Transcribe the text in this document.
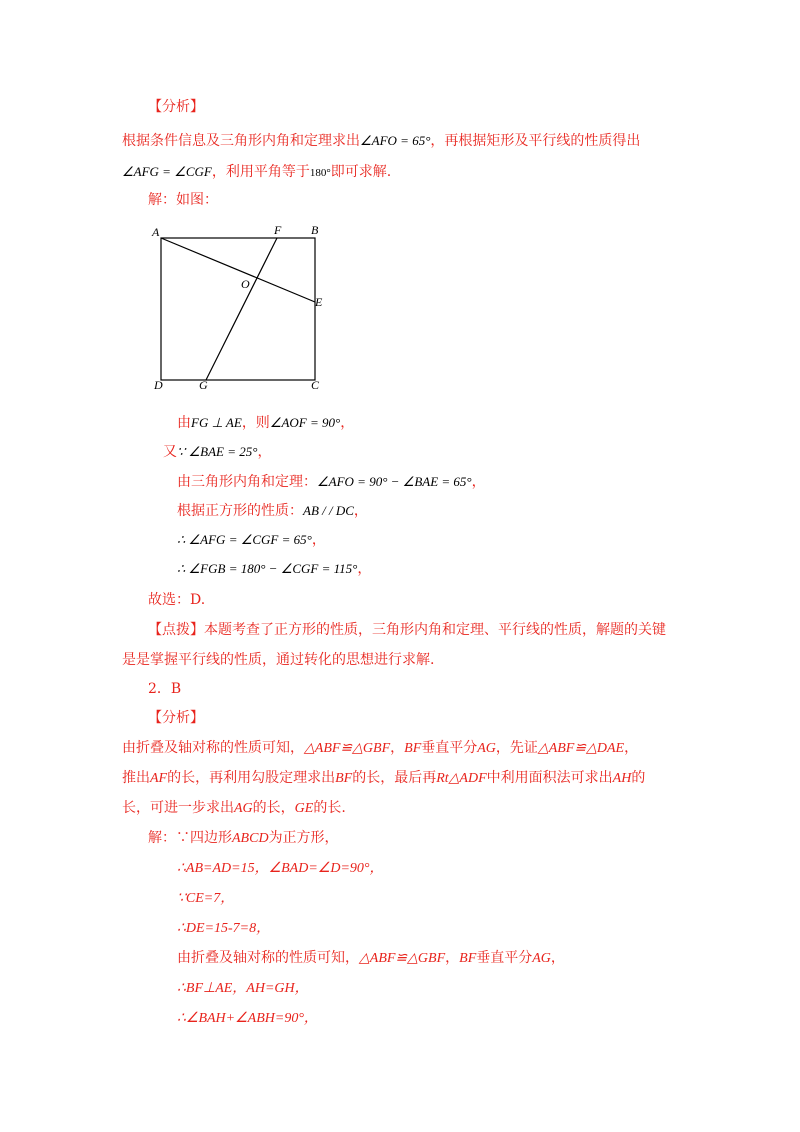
【分析】
根据条件信息及三角形内角和定理求出∠AFO = 65°，再根据矩形及平行线的性质得出
∠AFG = ∠CGF，利用平角等于180°即可求解.
解：如图：
A	F B
O
E
D	G	C
由FG ⊥ AE，则∠AOF = 90°，
又∵ ∠BAE = 25°，
由三角形内角和定理：∠AFO = 90° − ∠BAE = 65°，
根据正方形的性质：AB / / DC，
∴ ∠AFG = ∠CGF = 65°，
∴ ∠FGB = 180° − ∠CGF = 115°，
故选：D.
【点拨】本题考查了正方形的性质，三角形内角和定理、平行线的性质，解题的关键
是是掌握平行线的性质，通过转化的思想进行求解.
2．B
【分析】
由折叠及轴对称的性质可知，△ABF≌△GBF，BF垂直平分AG，先证△ABF≌△DAE，
推出AF的长，再利用勾股定理求出BF的长，最后再Rt△ADF中利用面积法可求出AH的
长，可进一步求出AG的长，GE的长.
解：∵四边形ABCD为正方形，
∴AB=AD=15，∠BAD=∠D=90°，
∵CE=7，
∴DE=15-7=8，
由折叠及轴对称的性质可知，△ABF≌△GBF，BF垂直平分AG，
∴BF⊥AE，AH=GH，
∴∠BAH+∠ABH=90°，
